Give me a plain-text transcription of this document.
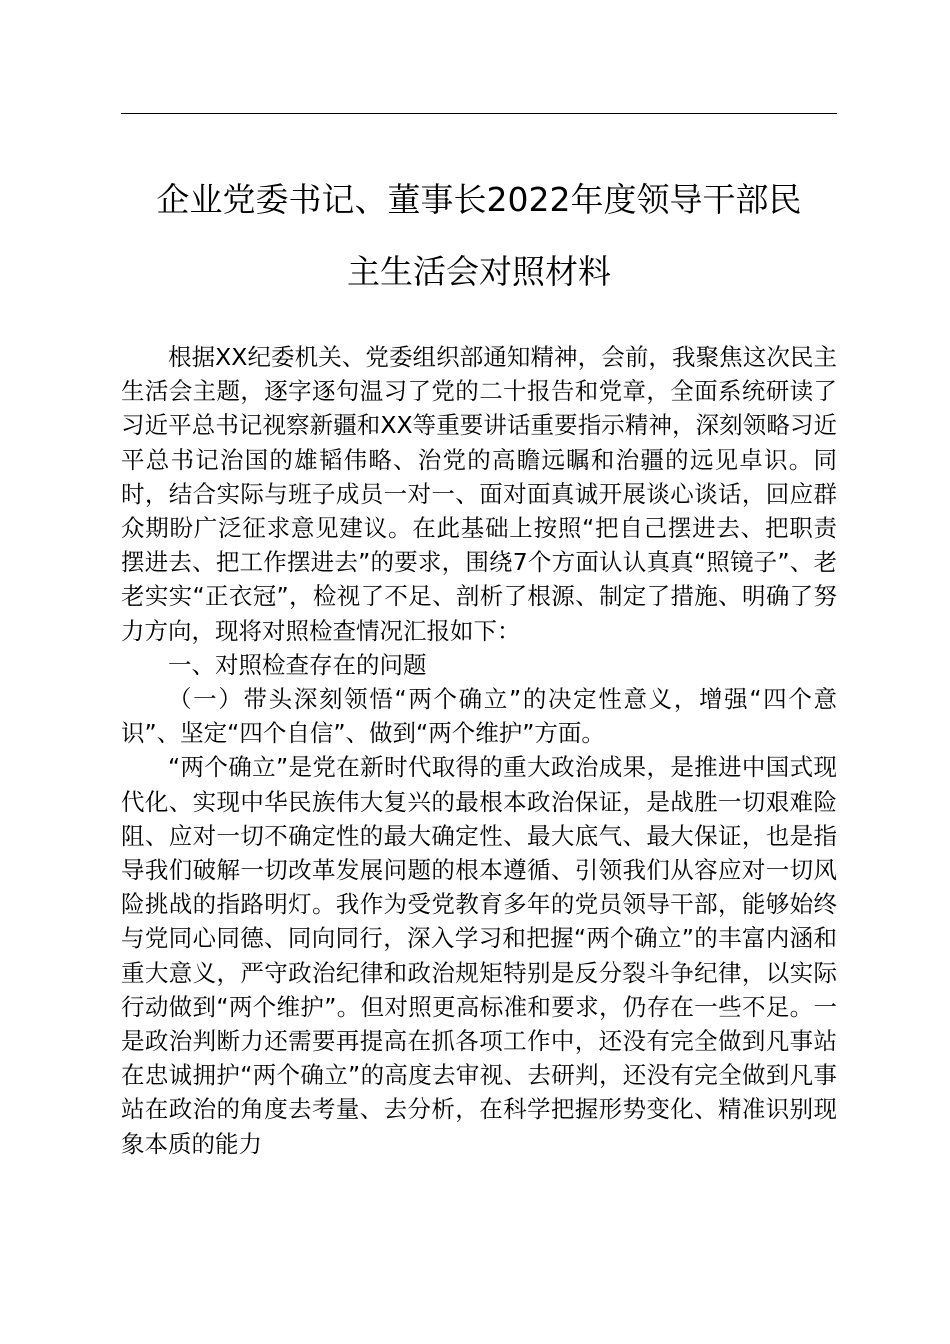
企业党委书记、董事长2022年度领导干部民
主生活会对照材料

根据XX纪委机关、党委组织部通知精神，会前，我聚焦这次民主生活会主题，逐字逐句温习了党的二十报告和党章，全面系统研读了习近平总书记视察新疆和XX等重要讲话重要指示精神，深刻领略习近平总书记治国的雄韬伟略、治党的高瞻远瞩和治疆的远见卓识。同时，结合实际与班子成员一对一、面对面真诚开展谈心谈话，回应群众期盼广泛征求意见建议。在此基础上按照“把自己摆进去、把职责摆进去、把工作摆进去”的要求，围绕7个方面认认真真“照镜子”、老老实实“正衣冠”，检视了不足、剖析了根源、制定了措施、明确了努力方向，现将对照检查情况汇报如下：

一、对照检查存在的问题

（一）带头深刻领悟“两个确立”的决定性意义，增强“四个意识”、坚定“四个自信”、做到“两个维护”方面。

“两个确立”是党在新时代取得的重大政治成果，是推进中国式现代化、实现中华民族伟大复兴的最根本政治保证，是战胜一切艰难险阻、应对一切不确定性的最大确定性、最大底气、最大保证，也是指导我们破解一切改革发展问题的根本遵循、引领我们从容应对一切风险挑战的指路明灯。我作为受党教育多年的党员领导干部，能够始终与党同心同德、同向同行，深入学习和把握“两个确立”的丰富内涵和重大意义，严守政治纪律和政治规矩特别是反分裂斗争纪律，以实际行动做到“两个维护”。但对照更高标准和要求，仍存在一些不足。一是政治判断力还需要再提高在抓各项工作中，还没有完全做到凡事站在忠诚拥护“两个确立”的高度去审视、去研判，还没有完全做到凡事站在政治的角度去考量、去分析，在科学把握形势变化、精准识别现象本质的能力
